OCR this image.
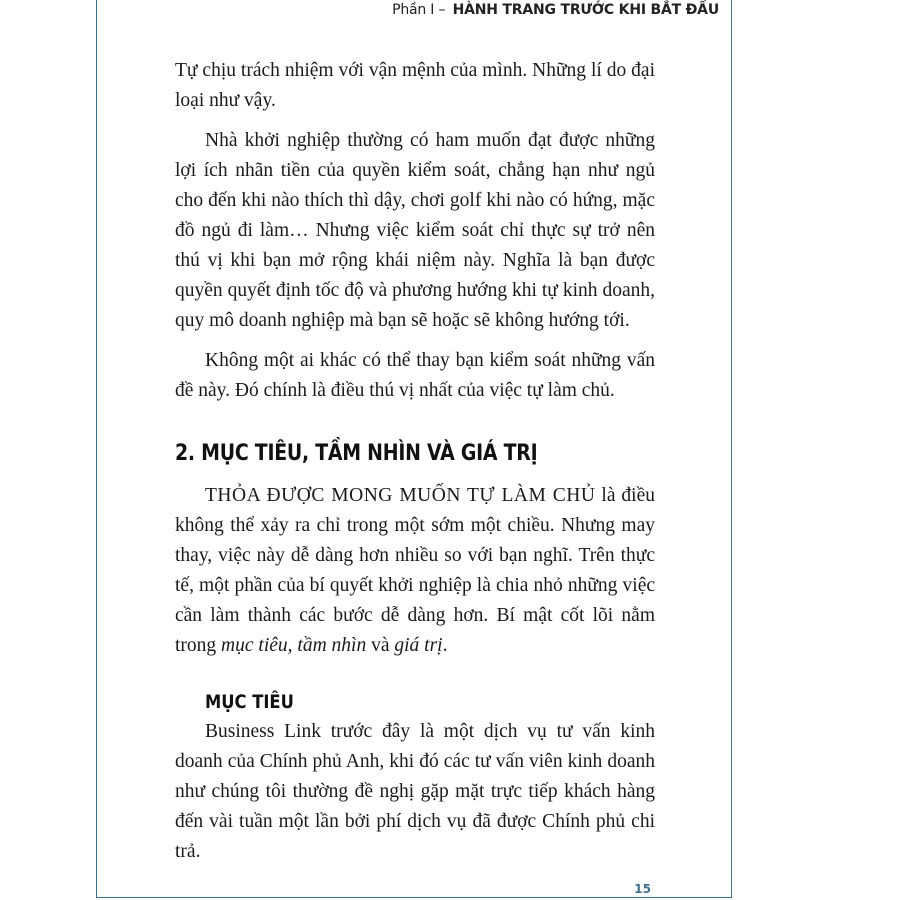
Phần I – HÀNH TRANG TRƯỚC KHI BẮT ĐẦU

Tự chịu trách nhiệm với vận mệnh của mình. Những lí do đại loại như vậy.

Nhà khởi nghiệp thường có ham muốn đạt được những lợi ích nhãn tiền của quyền kiểm soát, chẳng hạn như ngủ cho đến khi nào thích thì dậy, chơi golf khi nào có hứng, mặc đồ ngủ đi làm… Nhưng việc kiểm soát chỉ thực sự trở nên thú vị khi bạn mở rộng khái niệm này. Nghĩa là bạn được quyền quyết định tốc độ và phương hướng khi tự kinh doanh, quy mô doanh nghiệp mà bạn sẽ hoặc sẽ không hướng tới.

Không một ai khác có thể thay bạn kiểm soát những vấn đề này. Đó chính là điều thú vị nhất của việc tự làm chủ.

2. MỤC TIÊU, TẦM NHÌN VÀ GIÁ TRỊ

THỎA ĐƯỢC MONG MUỐN TỰ LÀM CHỦ là điều không thể xảy ra chỉ trong một sớm một chiều. Nhưng may thay, việc này dễ dàng hơn nhiều so với bạn nghĩ. Trên thực tế, một phần của bí quyết khởi nghiệp là chia nhỏ những việc cần làm thành các bước dễ dàng hơn. Bí mật cốt lõi nằm trong mục tiêu, tầm nhìn và giá trị.

MỤC TIÊU

Business Link trước đây là một dịch vụ tư vấn kinh doanh của Chính phủ Anh, khi đó các tư vấn viên kinh doanh như chúng tôi thường đề nghị gặp mặt trực tiếp khách hàng đến vài tuần một lần bởi phí dịch vụ đã được Chính phủ chi trả.

15
